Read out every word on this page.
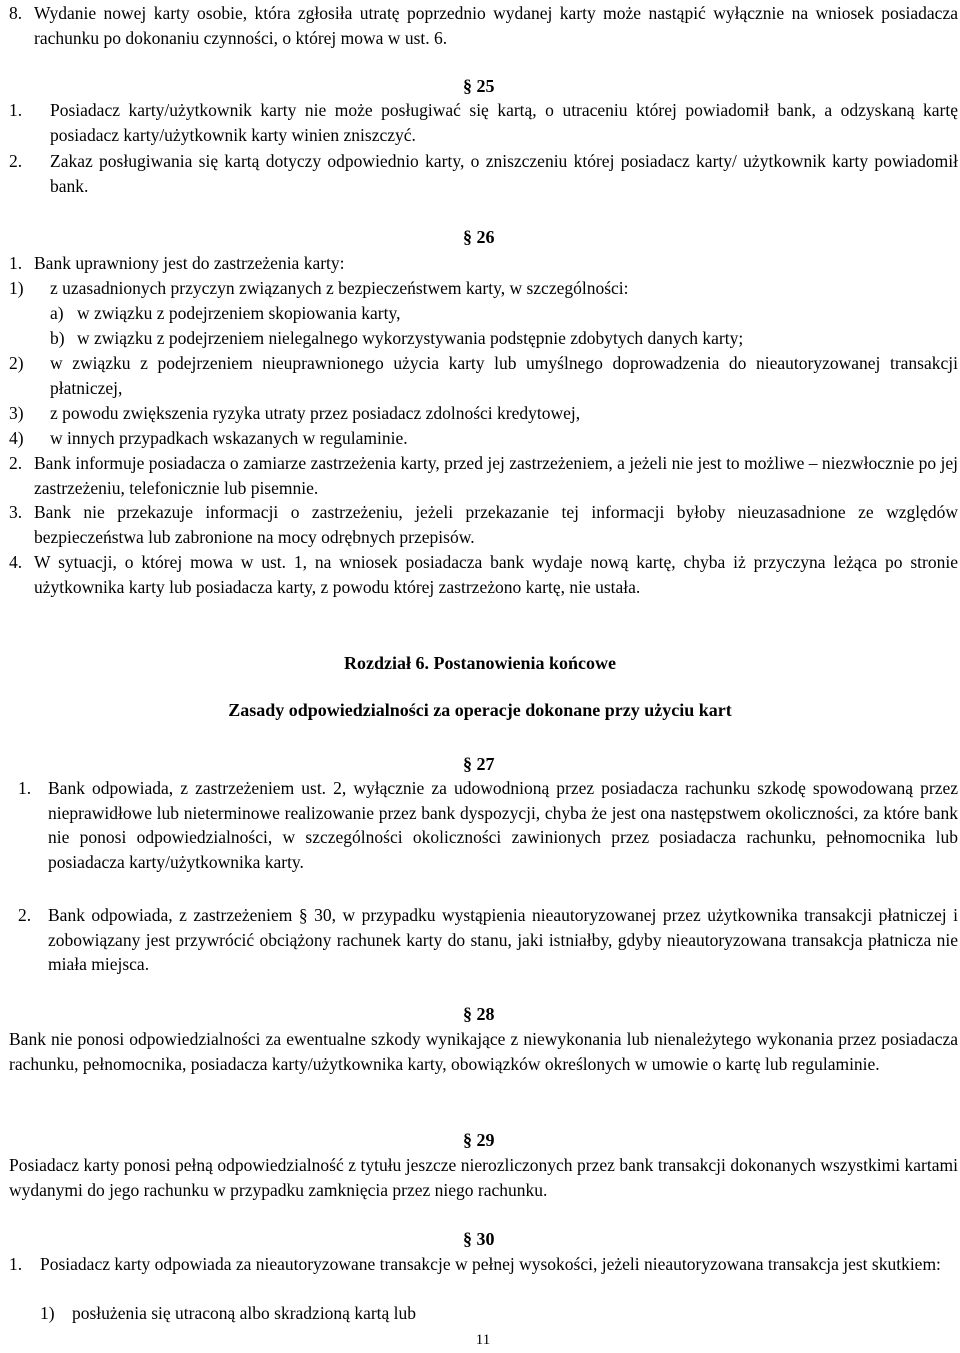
8. Wydanie nowej karty osobie, która zgłosiła utratę poprzednio wydanej karty może nastąpić wyłącznie na wniosek posiadacza rachunku po dokonaniu czynności, o której mowa w ust. 6.
§ 25
1. Posiadacz karty/użytkownik karty nie może posługiwać się kartą, o utraceniu której powiadomił bank, a odzyskaną kartę posiadacz karty/użytkownik karty winien zniszczyć.
2. Zakaz posługiwania się kartą dotyczy odpowiednio karty, o zniszczeniu której posiadacz karty/ użytkownik karty powiadomił bank.
§ 26
1. Bank uprawniony jest do zastrzeżenia karty:
1) z uzasadnionych przyczyn związanych z bezpieczeństwem karty, w szczególności:
a) w związku z podejrzeniem skopiowania karty,
b) w związku z podejrzeniem nielegalnego wykorzystywania podstępnie zdobytych danych karty;
2) w związku z podejrzeniem nieuprawnionego użycia karty lub umyślnego doprowadzenia do nieautoryzowanej transakcji płatniczej,
3) z powodu zwiększenia ryzyka utraty przez posiadacz zdolności kredytowej,
4) w innych przypadkach wskazanych w regulaminie.
2. Bank informuje posiadacza o zamiarze zastrzeżenia karty, przed jej zastrzeżeniem, a jeżeli nie jest to możliwe – niezwłocznie po jej zastrzeżeniu, telefonicznie lub pisemnie.
3. Bank nie przekazuje informacji o zastrzeżeniu, jeżeli przekazanie tej informacji byłoby nieuzasadnione ze względów bezpieczeństwa lub zabronione na mocy odrębnych przepisów.
4. W sytuacji, o której mowa w ust. 1, na wniosek posiadacza bank wydaje nową kartę, chyba iż przyczyna leżąca po stronie użytkownika karty lub posiadacza karty, z powodu której zastrzeżono kartę, nie ustała.
Rozdział 6. Postanowienia końcowe
Zasady odpowiedzialności za operacje dokonane przy użyciu kart
§ 27
1. Bank odpowiada, z zastrzeżeniem ust. 2, wyłącznie za udowodnioną przez posiadacza rachunku szkodę spowodowaną przez nieprawidłowe lub nieterminowe realizowanie przez bank dyspozycji, chyba że jest ona następstwem okoliczności, za które bank nie ponosi odpowiedzialności, w szczególności okoliczności zawinionych przez posiadacza rachunku, pełnomocnika lub posiadacza karty/użytkownika karty.
2. Bank odpowiada, z zastrzeżeniem § 30, w przypadku wystąpienia nieautoryzowanej przez użytkownika transakcji płatniczej i zobowiązany jest przywrócić obciążony rachunek karty do stanu, jaki istniałby, gdyby nieautoryzowana transakcja płatnicza nie miała miejsca.
§ 28
Bank nie ponosi odpowiedzialności za ewentualne szkody wynikające z niewykonania lub nienależytego wykonania przez posiadacza rachunku, pełnomocnika, posiadacza karty/użytkownika karty, obowiązków określonych w umowie o kartę lub regulaminie.
§ 29
Posiadacz karty ponosi pełną odpowiedzialność z tytułu jeszcze nierozliczonych przez bank transakcji dokonanych wszystkimi kartami wydanymi do jego rachunku w przypadku zamknięcia przez niego rachunku.
§ 30
1. Posiadacz karty odpowiada za nieautoryzowane transakcje w pełnej wysokości, jeżeli nieautoryzowana transakcja jest skutkiem:
1) posłużenia się utraconą albo skradzioną kartą lub
11
